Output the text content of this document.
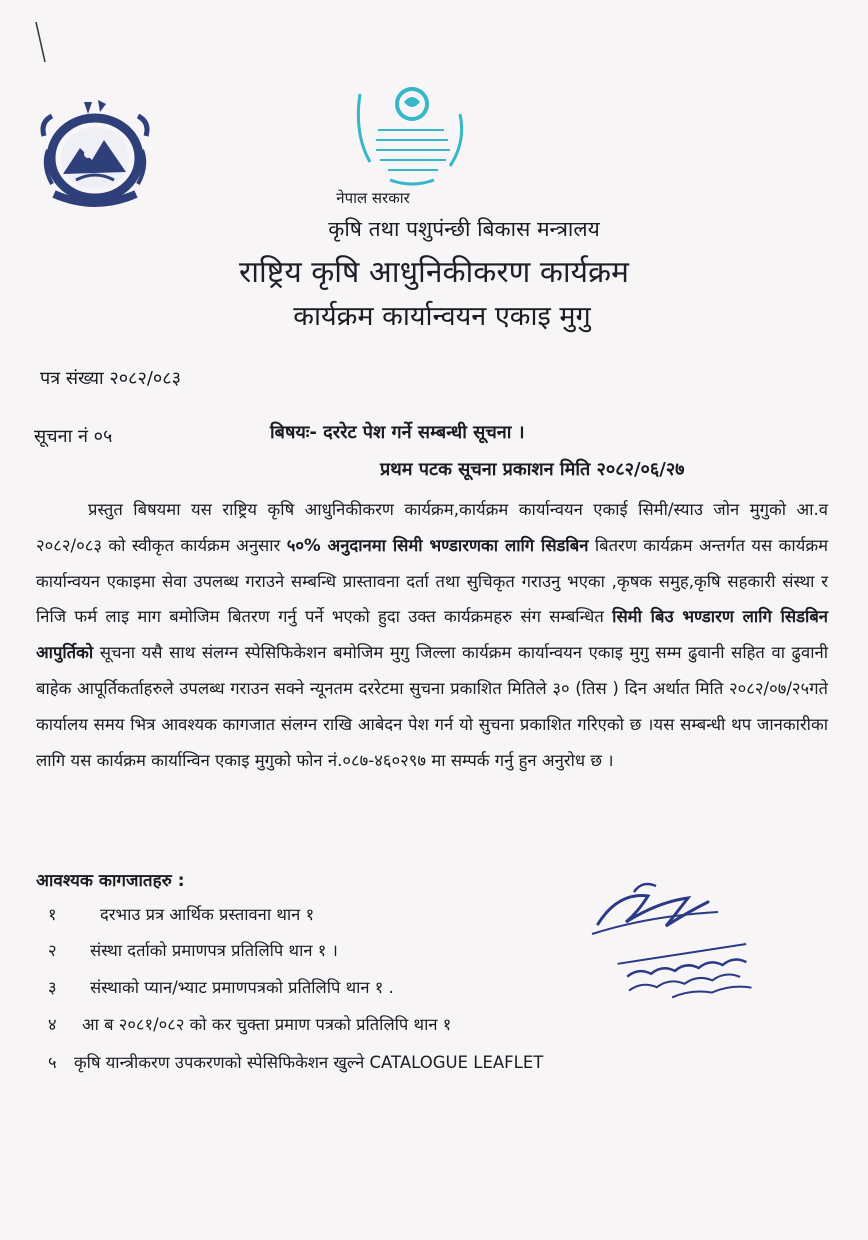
नेपाल सरकार
कृषि तथा पशुपंन्छी बिकास मन्त्रालय
राष्ट्रिय कृषि आधुनिकीकरण कार्यक्रम
कार्यक्रम कार्यान्वयन एकाइ मुगु
पत्र संख्या २०८२/०८३
सूचना नं ०५	बिषयः- दररेट पेश गर्ने सम्बन्धी सूचना ।
प्रथम पटक सूचना प्रकाशन मिति २०८२/०६/२७

प्रस्तुत बिषयमा यस राष्ट्रिय कृषि आधुनिकीकरण कार्यक्रम,कार्यक्रम कार्यान्वयन एकाई सिमी/स्याउ जोन मुगुको आ.व २०८२/०८३ को स्वीकृत कार्यक्रम अनुसार ५०% अनुदानमा सिमी भण्डारणका लागि सिडबिन बितरण कार्यक्रम अन्तर्गत यस कार्यक्रम कार्यान्वयन एकाइमा सेवा उपलब्ध गराउने सम्बन्धि प्रास्तावना दर्ता तथा सुचिकृत गराउनु भएका ,कृषक समुह,कृषि सहकारी संस्था र निजि फर्म लाइ माग बमोजिम बितरण गर्नु पर्ने भएको हुदा उक्त कार्यक्रमहरु संग सम्बन्धित सिमी बिउ भण्डारण लागि सिडबिन आपुर्तिको सूचना यसै साथ संलग्न स्पेसिफिकेशन बमोजिम मुगु जिल्ला कार्यक्रम कार्यान्वयन एकाइ मुगु सम्म ढुवानी सहित वा ढुवानी बाहेक आपूर्तिकर्ताहरुले उपलब्ध गराउन सक्ने न्यूनतम दररेटमा सुचना प्रकाशित मितिले ३० (तिस ) दिन अर्थात मिति २०८२/०७/२५गते कार्यालय समय भित्र आवश्यक कागजात संलग्न राखि आबेदन पेश गर्न यो सुचना प्रकाशित गरिएको छ ।यस सम्बन्धी थप जानकारीका लागि यस कार्यक्रम कार्यान्विन एकाइ मुगुको फोन नं.०८७-४६०२९७ मा सम्पर्क गर्नु हुन अनुरोध छ ।

आवश्यक कागजातहरु :
१	दरभाउ प्रत्र आर्थिक प्रस्तावना थान १
२ संस्था दर्ताको प्रमाणपत्र प्रतिलिपि थान १ ।
३ संस्थाको प्यान/भ्याट प्रमाणपत्रको प्रतिलिपि थान १ .
४ आ ब २०८१/०८२ को कर चुक्ता प्रमाण पत्रको प्रतिलिपि थान १
५ कृषि यान्त्रीकरण उपकरणको स्पेसिफिकेशन खुल्ने CATALOGUE LEAFLET
